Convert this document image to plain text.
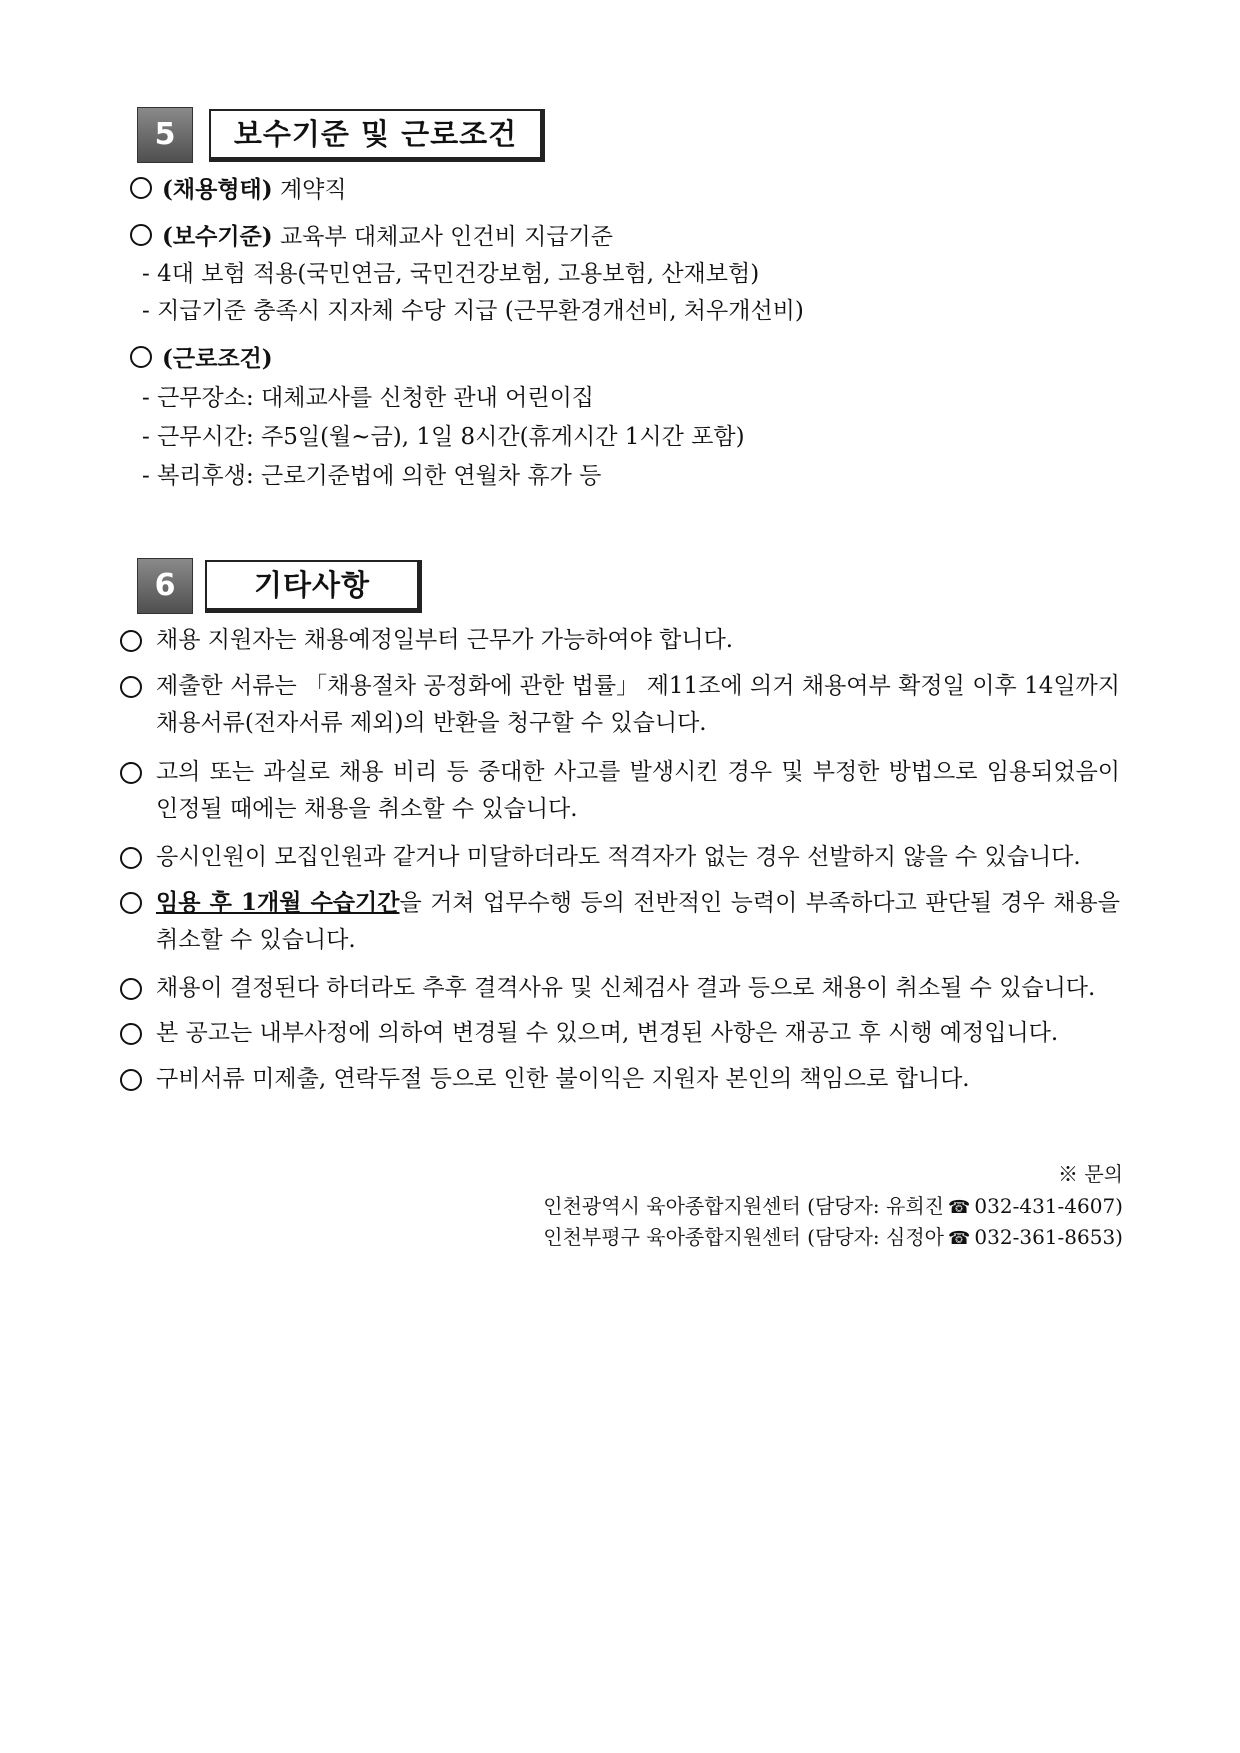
5	보수기준 및 근로조건
(채용형태) 계약직
(보수기준) 교육부 대체교사 인건비 지급기준
- 4대 보험 적용(국민연금, 국민건강보험, 고용보험, 산재보험)
- 지급기준 충족시 지자체 수당 지급 (근무환경개선비, 처우개선비)
(근로조건)
- 근무장소: 대체교사를 신청한 관내 어린이집
- 근무시간: 주5일(월~금), 1일 8시간(휴게시간 1시간 포함)
- 복리후생: 근로기준법에 의한 연월차 휴가 등
6	기타사항
채용 지원자는 채용예정일부터 근무가 가능하여야 합니다.
제출한 서류는 「채용절차 공정화에 관한 법률」 제11조에 의거 채용여부 확정일 이후 14일까지 채용서류(전자서류 제외)의 반환을 청구할 수 있습니다.
고의 또는 과실로 채용 비리 등 중대한 사고를 발생시킨 경우 및 부정한 방법으로 임용되었음이 인정될 때에는 채용을 취소할 수 있습니다.
응시인원이 모집인원과 같거나 미달하더라도 적격자가 없는 경우 선발하지 않을 수 있습니다.
임용 후 1개월 수습기간을 거쳐 업무수행 등의 전반적인 능력이 부족하다고 판단될 경우 채용을 취소할 수 있습니다.
채용이 결정된다 하더라도 추후 결격사유 및 신체검사 결과 등으로 채용이 취소될 수 있습니다.
본 공고는 내부사정에 의하여 변경될 수 있으며, 변경된 사항은 재공고 후 시행 예정입니다.
구비서류 미제출, 연락두절 등으로 인한 불이익은 지원자 본인의 책임으로 합니다.
※ 문의
인천광역시 육아종합지원센터 (담당자: 유희진 ☎ 032-431-4607)
인천부평구 육아종합지원센터 (담당자: 심정아 ☎ 032-361-8653)
